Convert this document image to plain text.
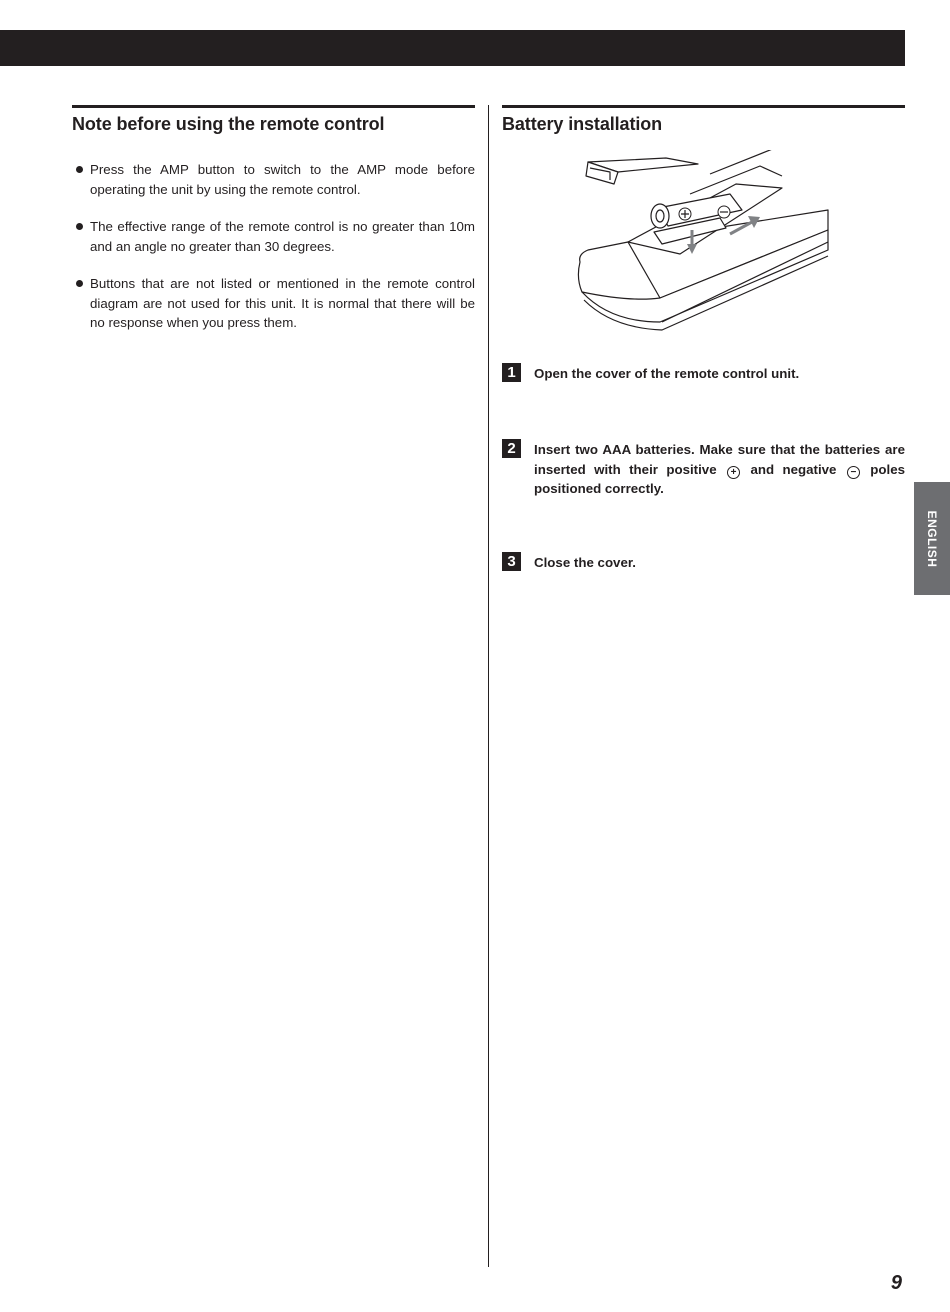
Note before using the remote control
Press the AMP button to switch to the AMP mode before operating the unit by using the remote control.
The effective range of the remote control is no greater than 10m and an angle no greater than 30 degrees.
Buttons that are not listed or mentioned in the remote control diagram are not used for this unit. It is normal that there will be no response when you press them.
Battery installation
1	Open the cover of the remote control unit.
2	Insert two AAA batteries. Make sure that the batteries are inserted with their positive + and negative − poles positioned correctly.
3	Close the cover.	ENGLISH
9
